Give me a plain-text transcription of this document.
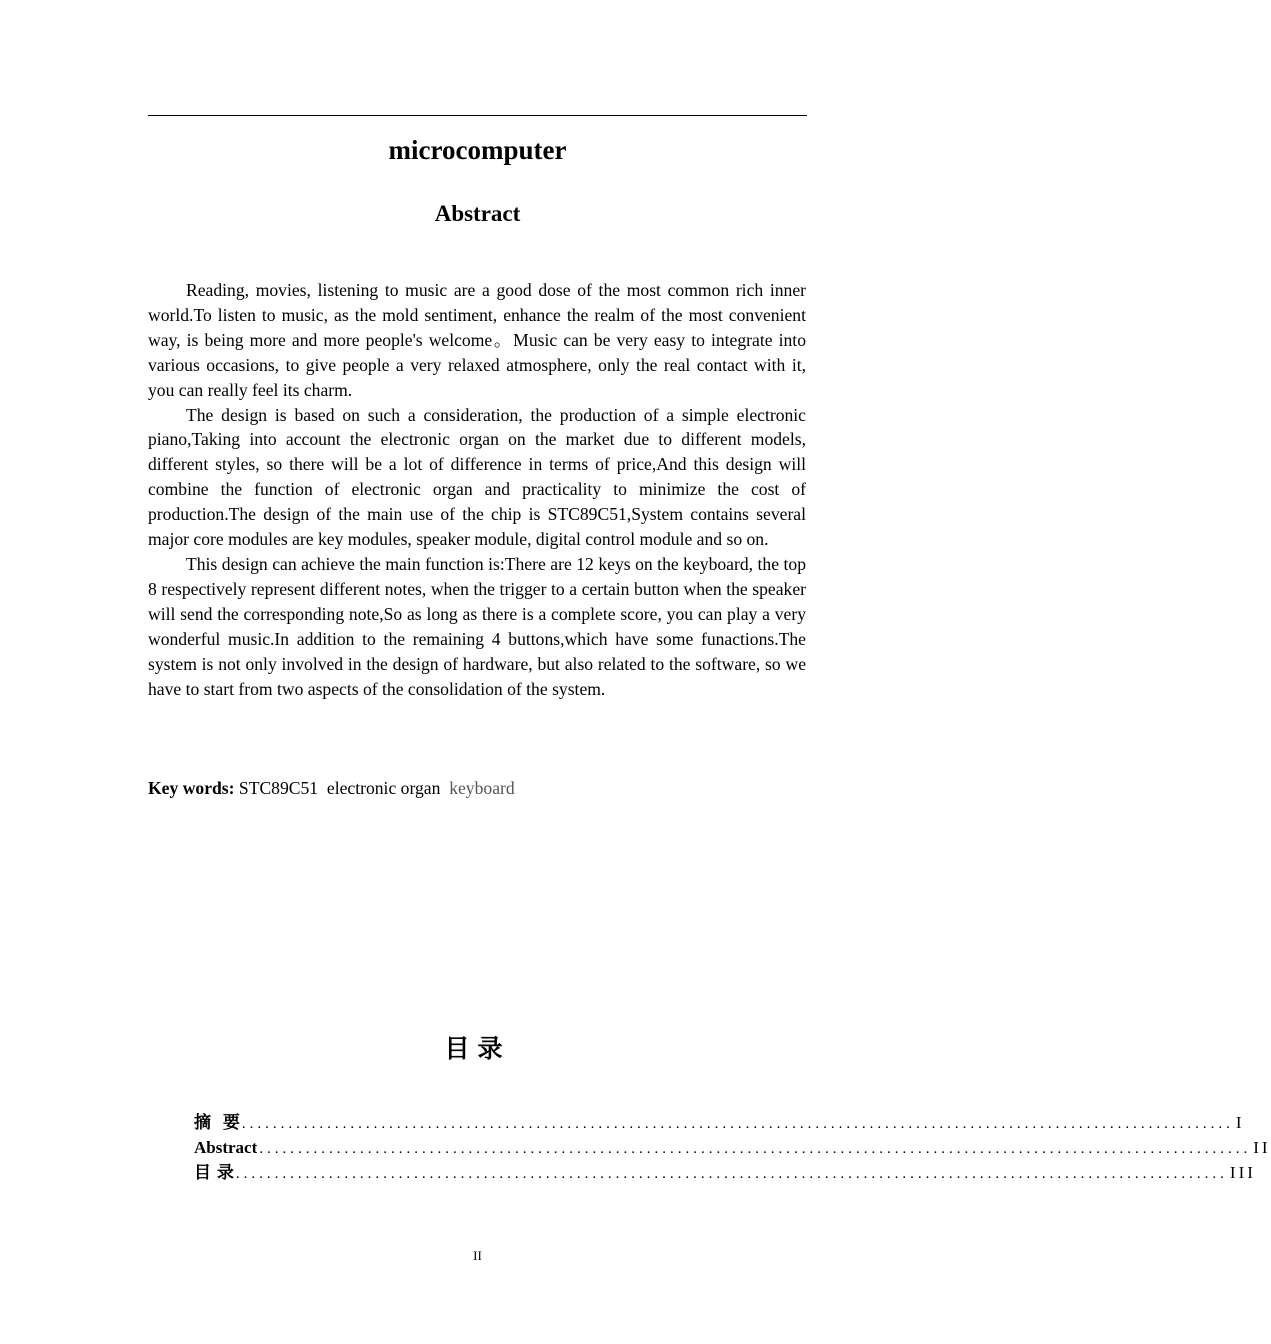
microcomputer
Abstract

Reading, movies, listening to music are a good dose of the most common rich inner world.To listen to music, as the mold sentiment, enhance the realm of the most convenient way, is being more and more people's welcome。Music can be very easy to integrate into various occasions, to give people a very relaxed atmosphere, only the real contact with it, you can really feel its charm.

The design is based on such a consideration, the production of a simple electronic piano,Taking into account the electronic organ on the market due to different models, different styles, so there will be a lot of difference in terms of price,And this design will combine the function of electronic organ and practicality to minimize the cost of production.The design of the main use of the chip is STC89C51,System contains several major core modules are key modules, speaker module, digital control module and so on.

This design can achieve the main function is:There are 12 keys on the keyboard, the top 8 respectively represent different notes, when the trigger to a certain button when the speaker will send the corresponding note,So as long as there is a complete score, you can play a very wonderful music.In addition to the remaining 4 buttons,which have some funactions.The system is not only involved in the design of hardware, but also related to the software, so we have to start from two aspects of the consolidation of the system.

Key words: STC89C51 electronic organ keyboard
目录
摘  要 ................................................................................................................................ I
Abstract ................................................................................................................................ II
目 录 ................................................................................................................................ III
II
